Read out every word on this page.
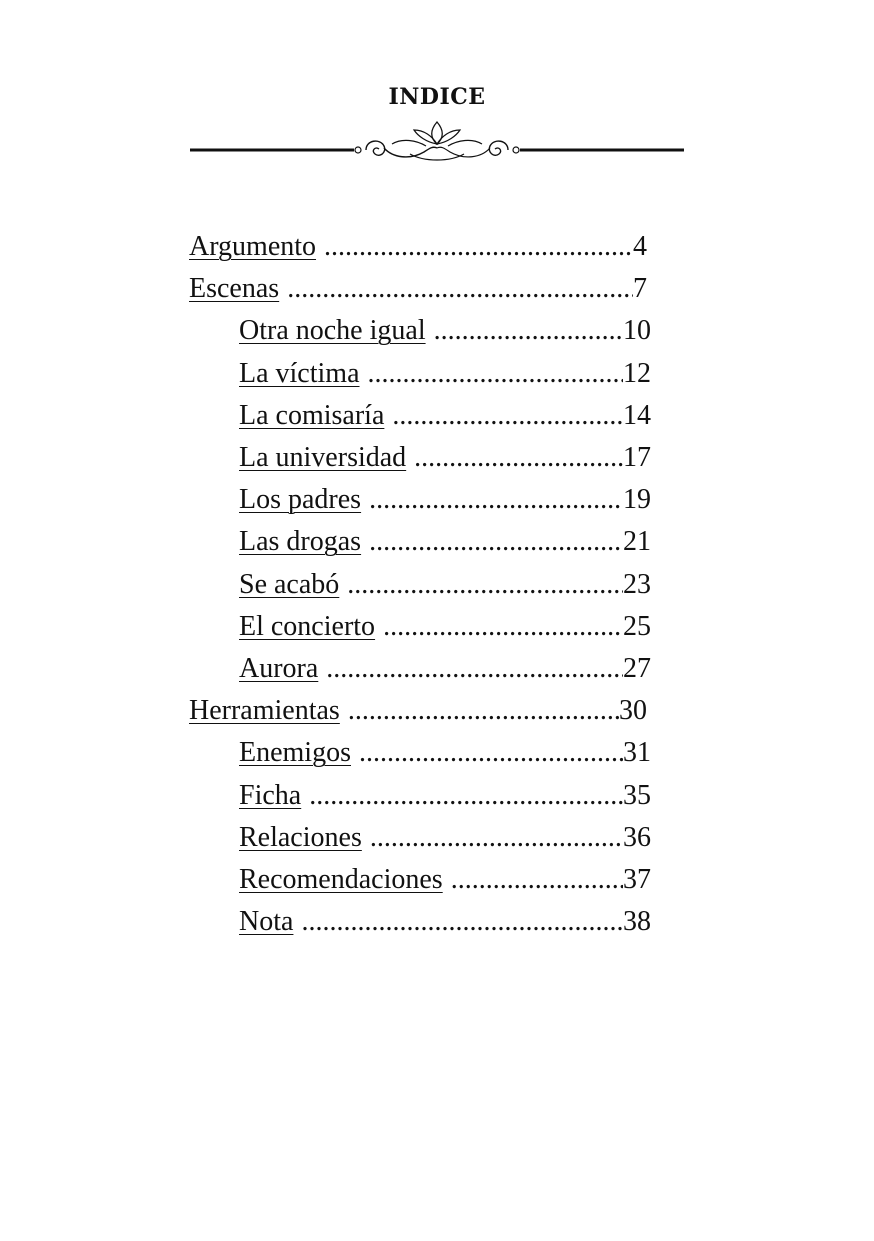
INDICE
Argumento .....	4
Escenas .....	7
Otra noche igual .....	10
La víctima .....	12
La comisaría .....	14
La universidad .....	17
Los padres .....	19
Las drogas .....	21
Se acabó .....	23
El concierto .....	25
Aurora .....	27
Herramientas .....	30
Enemigos .....	31
Ficha .....	35
Relaciones .....	36
Recomendaciones .....	37
Nota .....	38
